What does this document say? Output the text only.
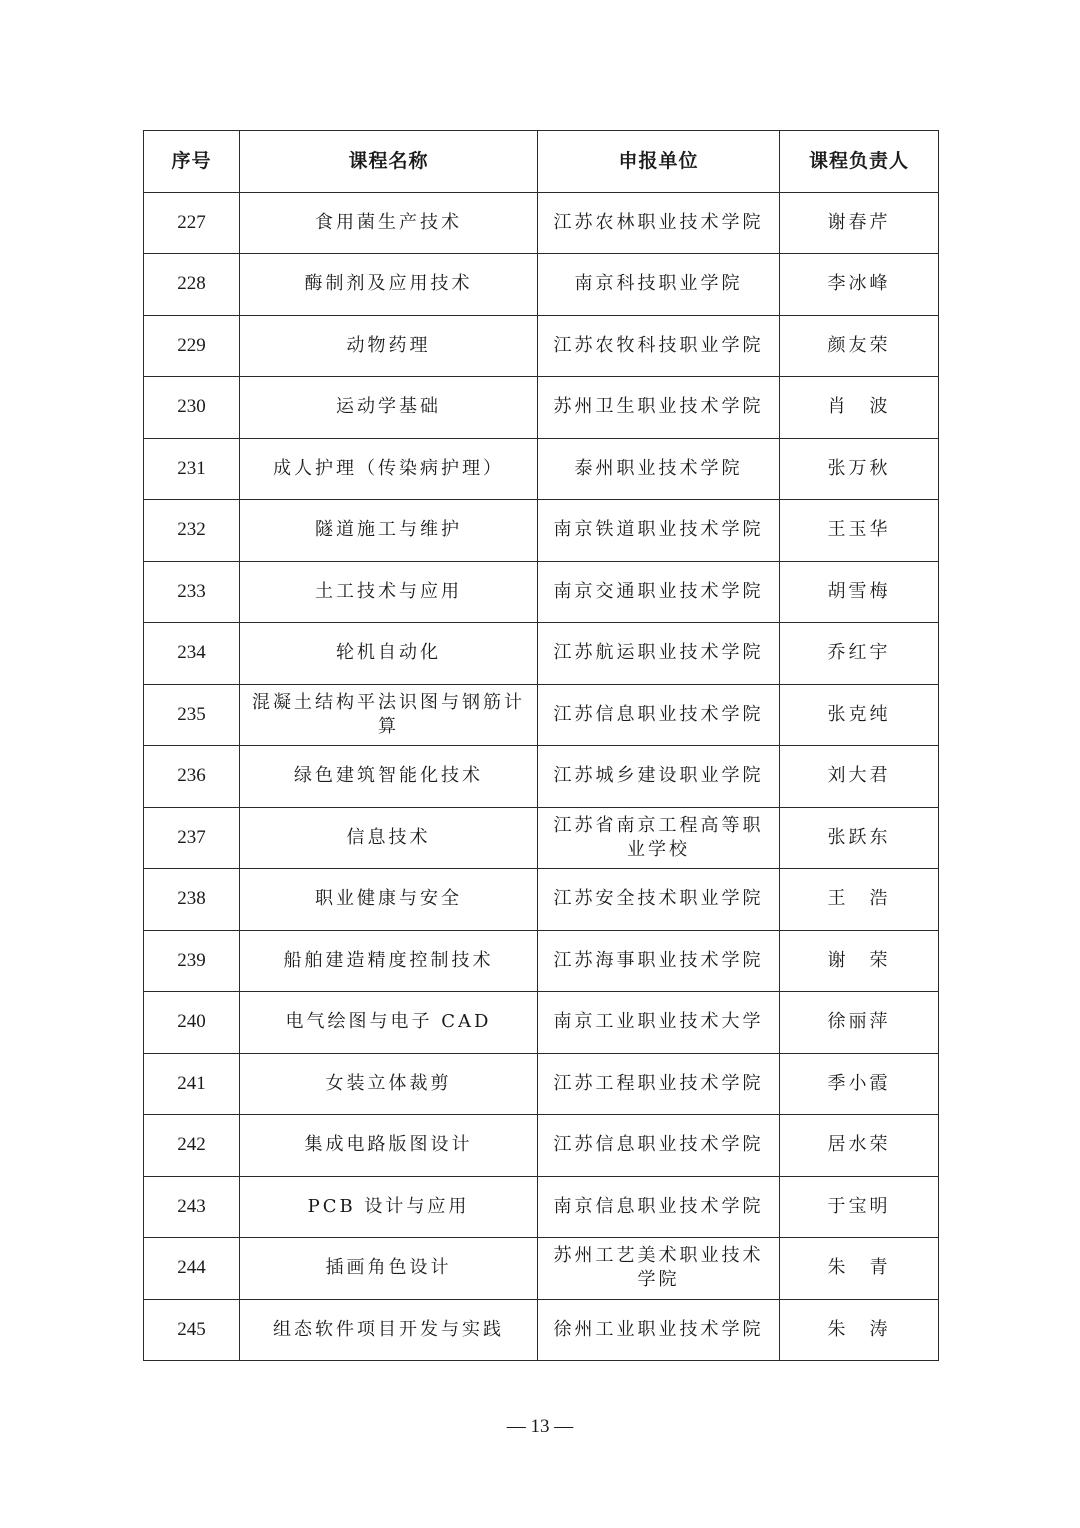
序号	课程名称	申报单位	课程负责人
227	食用菌生产技术	江苏农林职业技术学院	谢春芹
228	酶制剂及应用技术	南京科技职业学院	李冰峰
229	动物药理	江苏农牧科技职业学院	颜友荣
230	运动学基础	苏州卫生职业技术学院	肖　波
231	成人护理（传染病护理）	泰州职业技术学院	张万秋
232	隧道施工与维护	南京铁道职业技术学院	王玉华
233	土工技术与应用	南京交通职业技术学院	胡雪梅
234	轮机自动化	江苏航运职业技术学院	乔红宇
235	混凝土结构平法识图与钢筋计算	江苏信息职业技术学院	张克纯
236	绿色建筑智能化技术	江苏城乡建设职业学院	刘大君
237	信息技术	江苏省南京工程高等职业学校	张跃东
238	职业健康与安全	江苏安全技术职业学院	王　浩
239	船舶建造精度控制技术	江苏海事职业技术学院	谢　荣
240	电气绘图与电子 CAD	南京工业职业技术大学	徐丽萍
241	女装立体裁剪	江苏工程职业技术学院	季小霞
242	集成电路版图设计	江苏信息职业技术学院	居水荣
243	PCB 设计与应用	南京信息职业技术学院	于宝明
244	插画角色设计	苏州工艺美术职业技术学院	朱　青
245	组态软件项目开发与实践	徐州工业职业技术学院	朱　涛
— 13 —
